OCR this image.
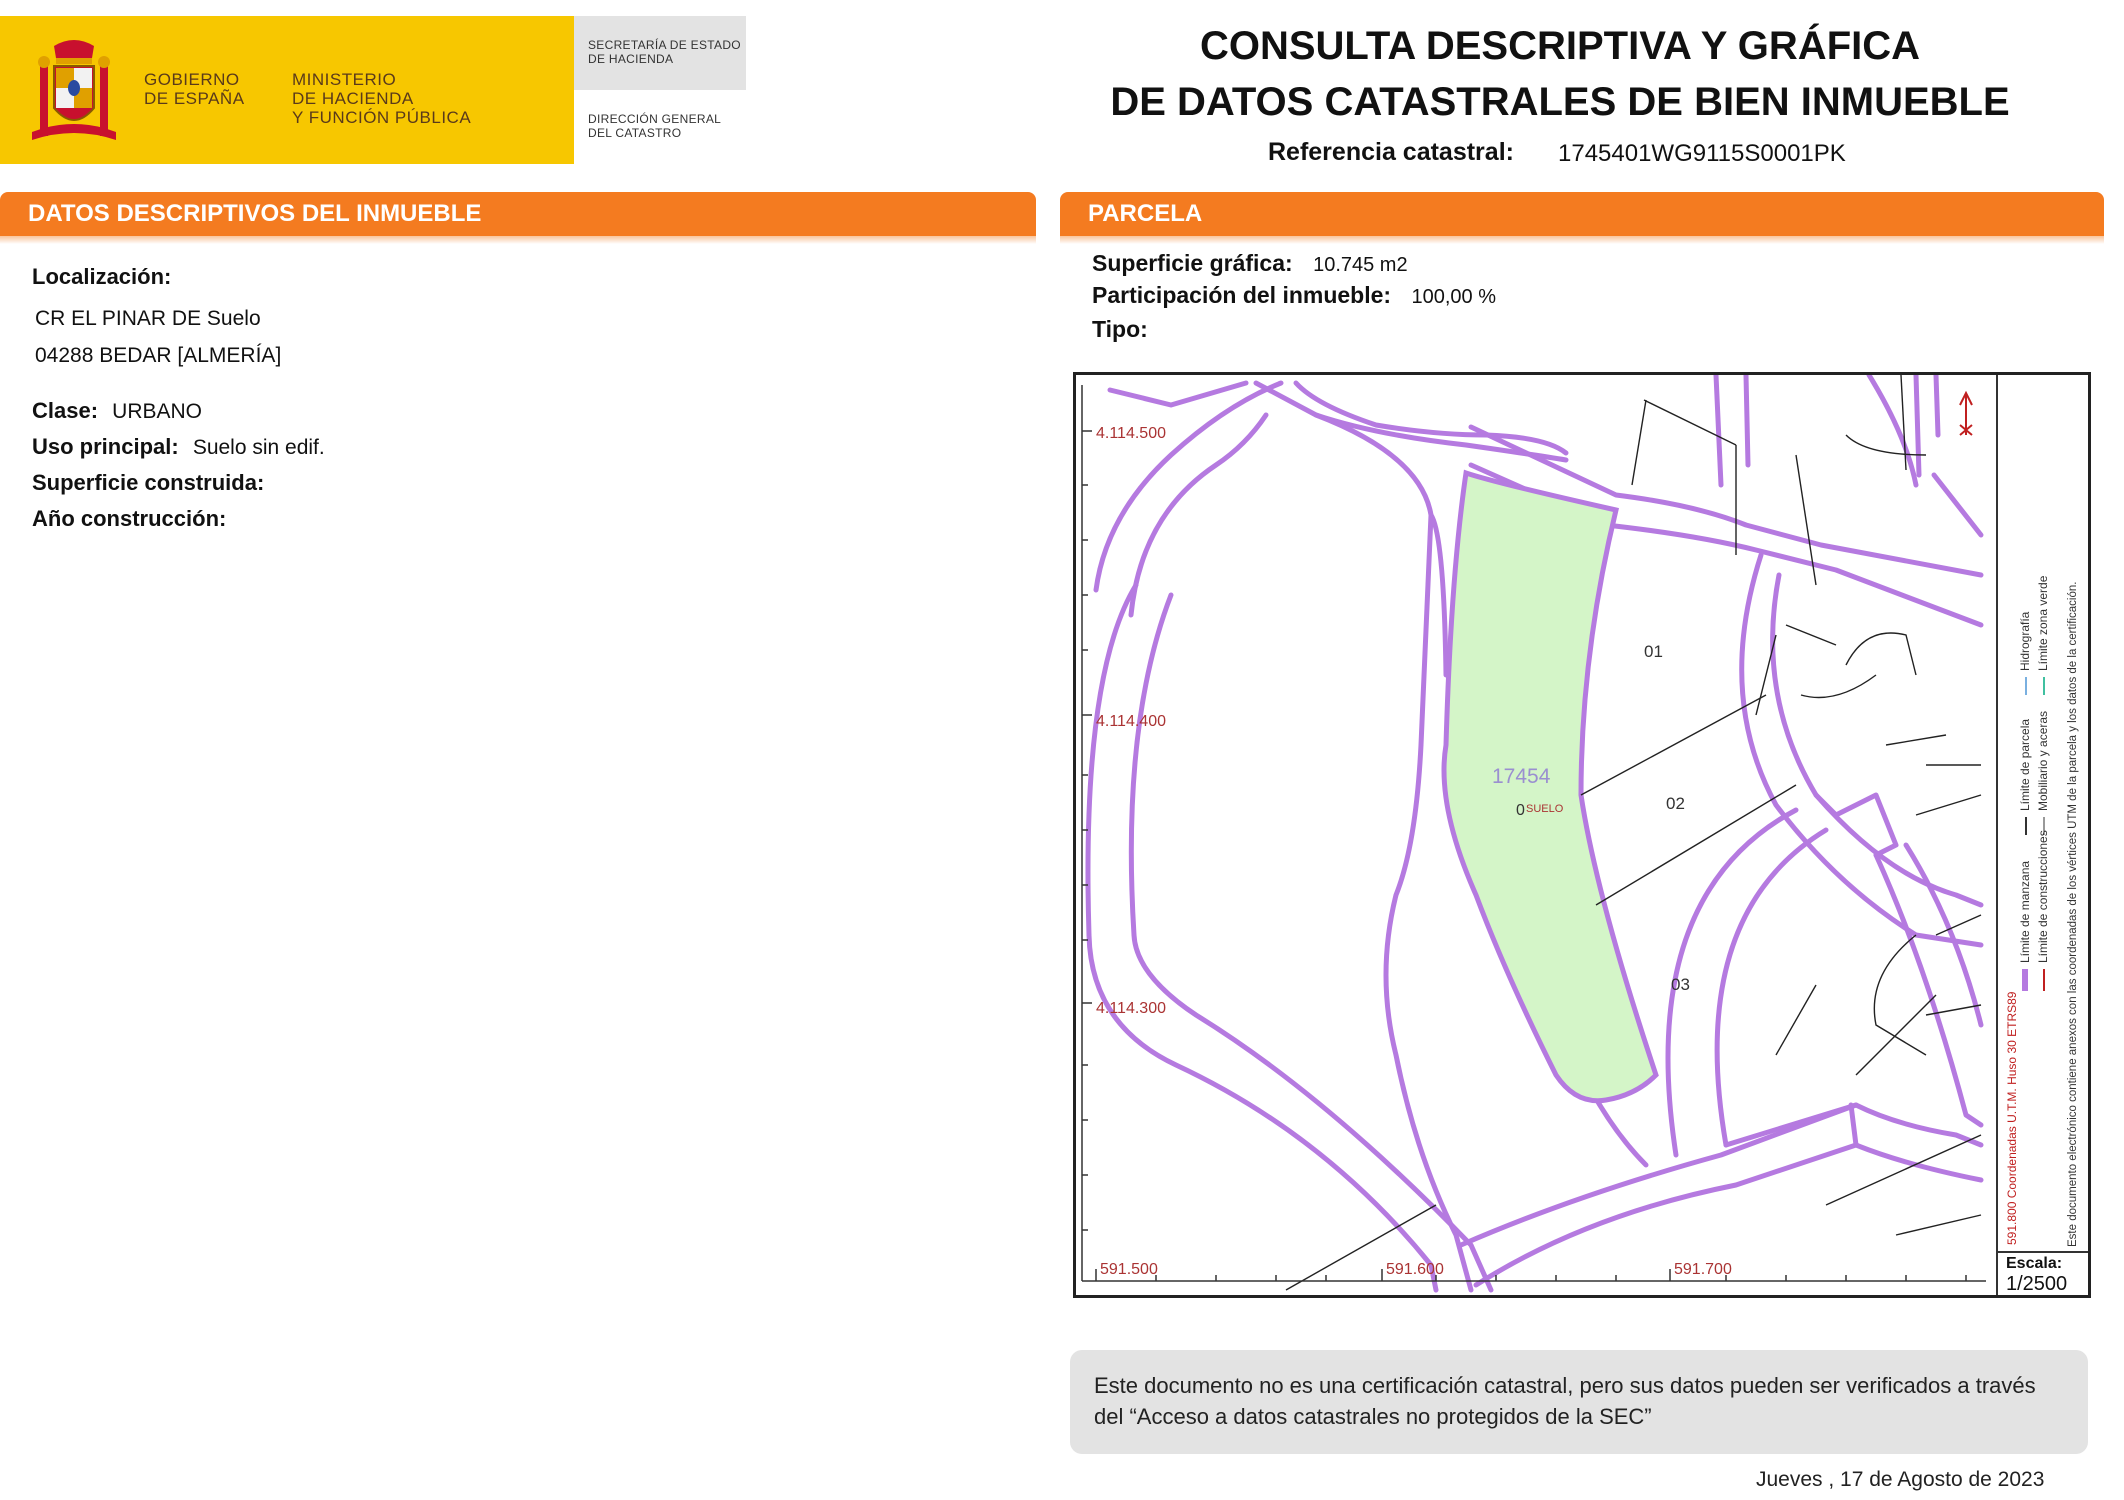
GOBIERNO
DE ESPAÑA
MINISTERIO
DE HACIENDA
Y FUNCIÓN PÚBLICA
SECRETARÍA DE ESTADO
DE HACIENDA
DIRECCIÓN GENERAL
DEL CATASTRO
CONSULTA DESCRIPTIVA Y GRÁFICA
DE DATOS CATASTRALES DE BIEN INMUEBLE
Referencia catastral: 1745401WG9115S0001PK
DATOS DESCRIPTIVOS DEL INMUEBLE	PARCELA
Localización:
CR EL PINAR DE Suelo
04288 BEDAR [ALMERÍA]
Clase: URBANO
Uso principal: Suelo sin edif.
Superficie construida:
Año construcción:
Superficie gráfica: 10.745 m2
Participación del inmueble: 100,00 %
Tipo:
4.114.500
4.114.400
4.114.300
591.500	591.600	591.700
17454
0 SUELO
01
02
03
Límite de manzana
Límite de parcela
Hidrografía
Límite de construcciones
Mobiliario y aceras
Límite zona verde
591.800 Coordenadas U.T.M. Huso 30 ETRS89	Este documento electrónico contiene anexos con las coordenadas de los vértices UTM de la parcela y los datos de la certificación.
Escala:
1/2500
Este documento no es una certificación catastral, pero sus datos pueden ser verificados a través del “Acceso a datos catastrales no protegidos de la SEC”
Jueves , 17 de Agosto de 2023
